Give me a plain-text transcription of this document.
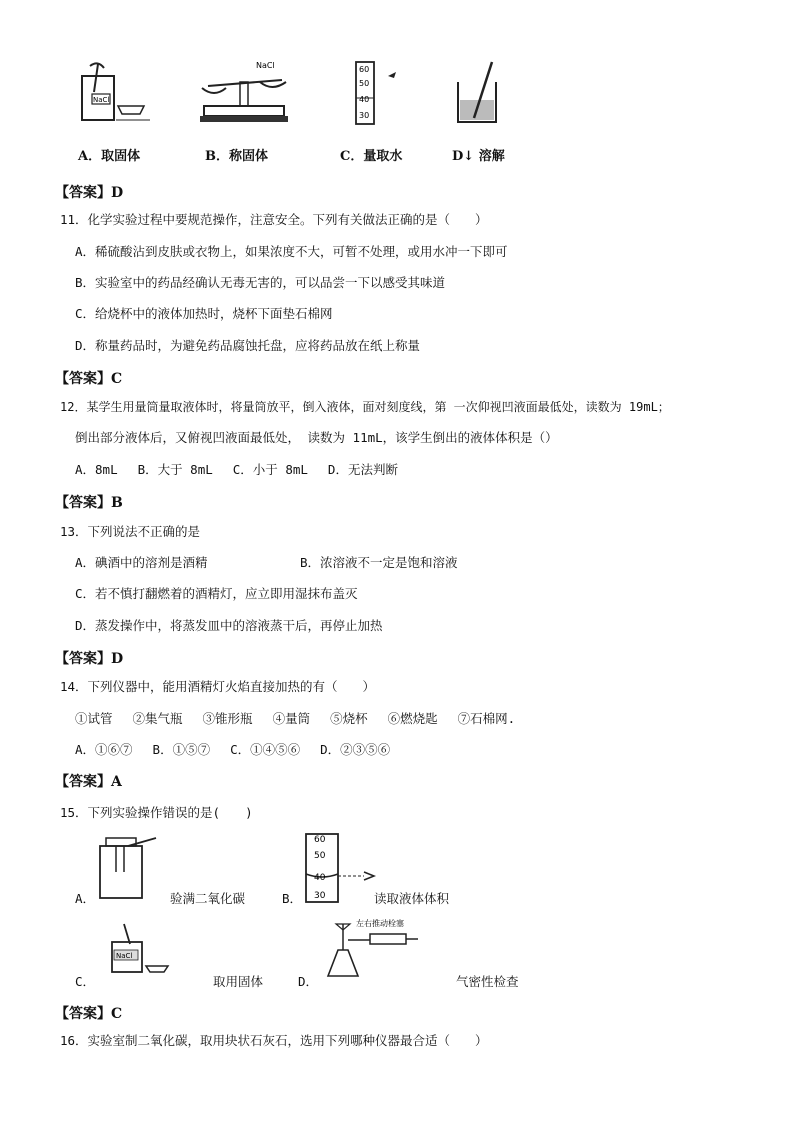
NaCl
NaCl	60
50
40
30
A．取固体	B．称固体	C．量取水	D↓ 溶解
【答案】D
11．化学实验过程中要规范操作，注意安全。下列有关做法正确的是（　　）
A．稀硫酸沾到皮肤或衣物上，如果浓度不大，可暂不处理，或用水冲一下即可
B．实验室中的药品经确认无毒无害的，可以品尝一下以感受其味道
C．给烧杯中的液体加热时，烧杯下面垫石棉网
D．称量药品时，为避免药品腐蚀托盘，应将药品放在纸上称量
【答案】C
12．某学生用量筒量取液体时，将量筒放平，倒入液体，面对刻度线，第 一次仰视凹液面最低处，读数为 19mL；
倒出部分液体后，又俯视凹液面最低处， 读数为 11mL，该学生倒出的液体体积是（）
A．8mL　 B．大于 8mL　 C．小于 8mL　 D．无法判断
【答案】B
13．下列说法不正确的是
A．碘酒中的溶剂是酒精	B．浓溶液不一定是饱和溶液
C．若不慎打翻燃着的酒精灯，应立即用湿抹布盖灭
D．蒸发操作中，将蒸发皿中的溶液蒸干后，再停止加热
【答案】D
14．下列仪器中，能用酒精灯火焰直接加热的有（　　）
①试管　 ②集气瓶　 ③锥形瓶　 ④量筒　 ⑤烧杯　 ⑥燃烧匙　 ⑦石棉网.
A．①⑥⑦　 B．①⑤⑦　 C．①④⑤⑥　 D．②③⑤⑥
【答案】A
15．下列实验操作错误的是(　　)
A．	验满二氧化碳
60
50
40
30
B．	读取液体体积
NaCl
C．	取用固体
左右推动栓塞
D．	气密性检查
【答案】C
16．实验室制二氧化碳，取用块状石灰石，选用下列哪种仪器最合适（　　）
